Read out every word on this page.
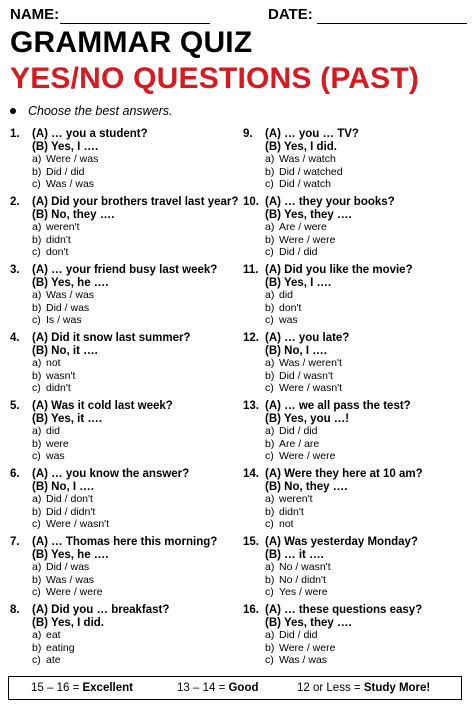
NAME:	DATE:
GRAMMAR QUIZ
YES/NO QUESTIONS (PAST)
Choose the best answers.
1.	(A) … you a student?
(B) Yes, I ….
a) Were / was
b) Did / did
c) Was / was
2.	(A) Did your brothers travel last year?
(B) No, they ….
a) weren't
b) didn't
c) don't
3.	(A) … your friend busy last week?
(B) Yes, he ….
a) Was / was
b) Did / was
c) Is / was
4.	(A) Did it snow last summer?
(B) No, it ….
a) not
b) wasn't
c) didn't
5.	(A) Was it cold last week?
(B) Yes, it ….
a) did
b) were
c) was
6.	(A) … you know the answer?
(B) No, I ….
a) Did / don't
b) Did / didn't
c) Were / wasn't
7.	(A) … Thomas here this morning?
(B) Yes, he ….
a) Did / was
b) Was / was
c) Were / were
8.	(A) Did you … breakfast?
(B) Yes, I did.
a) eat
b) eating
c) ate
9.	(A) … you … TV?
(B) Yes, I did.
a) Was / watch
b) Did / watched
c) Did / watch
10. (A) … they your books?
(B) Yes, they ….
a) Are / were
b) Were / were
c) Did / did
11. (A) Did you like the movie?
(B) Yes, I ….
a) did
b) don't
c) was
12. (A) … you late?
(B) No, I ….
a) Was / weren't
b) Did / wasn't
c) Were / wasn't
13. (A) … we all pass the test?
(B) Yes, you …!
a) Did / did
b) Are / are
c) Were / were
14. (A) Were they here at 10 am?
(B) No, they ….
a) weren't
b) didn't
c) not
15. (A) Was yesterday Monday?
(B) … it ….
a) No / wasn't
b) No / didn't
c) Yes / were
16. (A) … these questions easy?
(B) Yes, they ….
a) Did / did
b) Were / were
c) Was / was
15 – 16 = Excellent	13 – 14 = Good	12 or Less = Study More!
